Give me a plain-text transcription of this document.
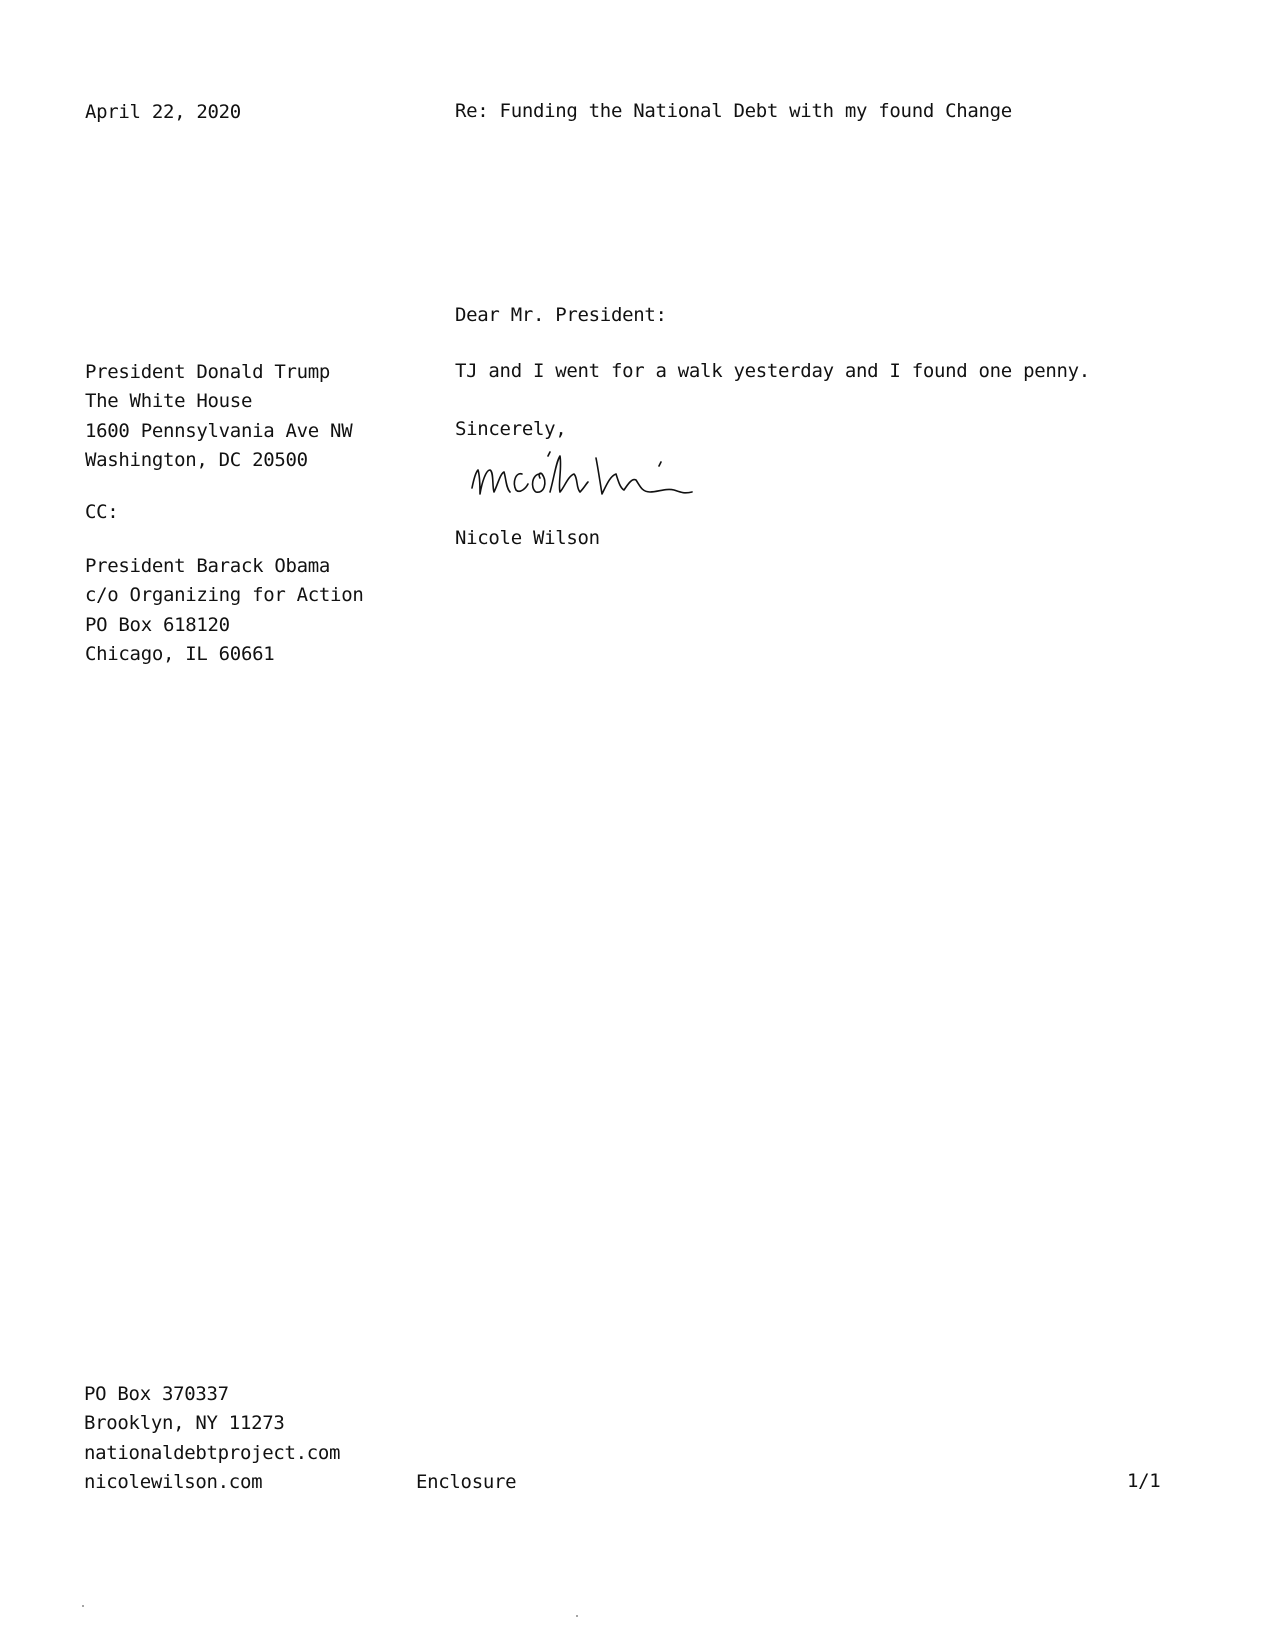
April 22, 2020	Re: Funding the National Debt with my found Change
Dear Mr. President:
President Donald Trump
The White House
1600 Pennsylvania Ave NW
Washington, DC 20500
TJ and I went for a walk yesterday and I found one penny.
Sincerely,
Nicole Wilson
CC:
President Barack Obama
c/o Organizing for Action
PO Box 618120
Chicago, IL 60661
PO Box 370337
Brooklyn, NY 11273
nationaldebtproject.com
nicolewilson.com	Enclosure	1/1
